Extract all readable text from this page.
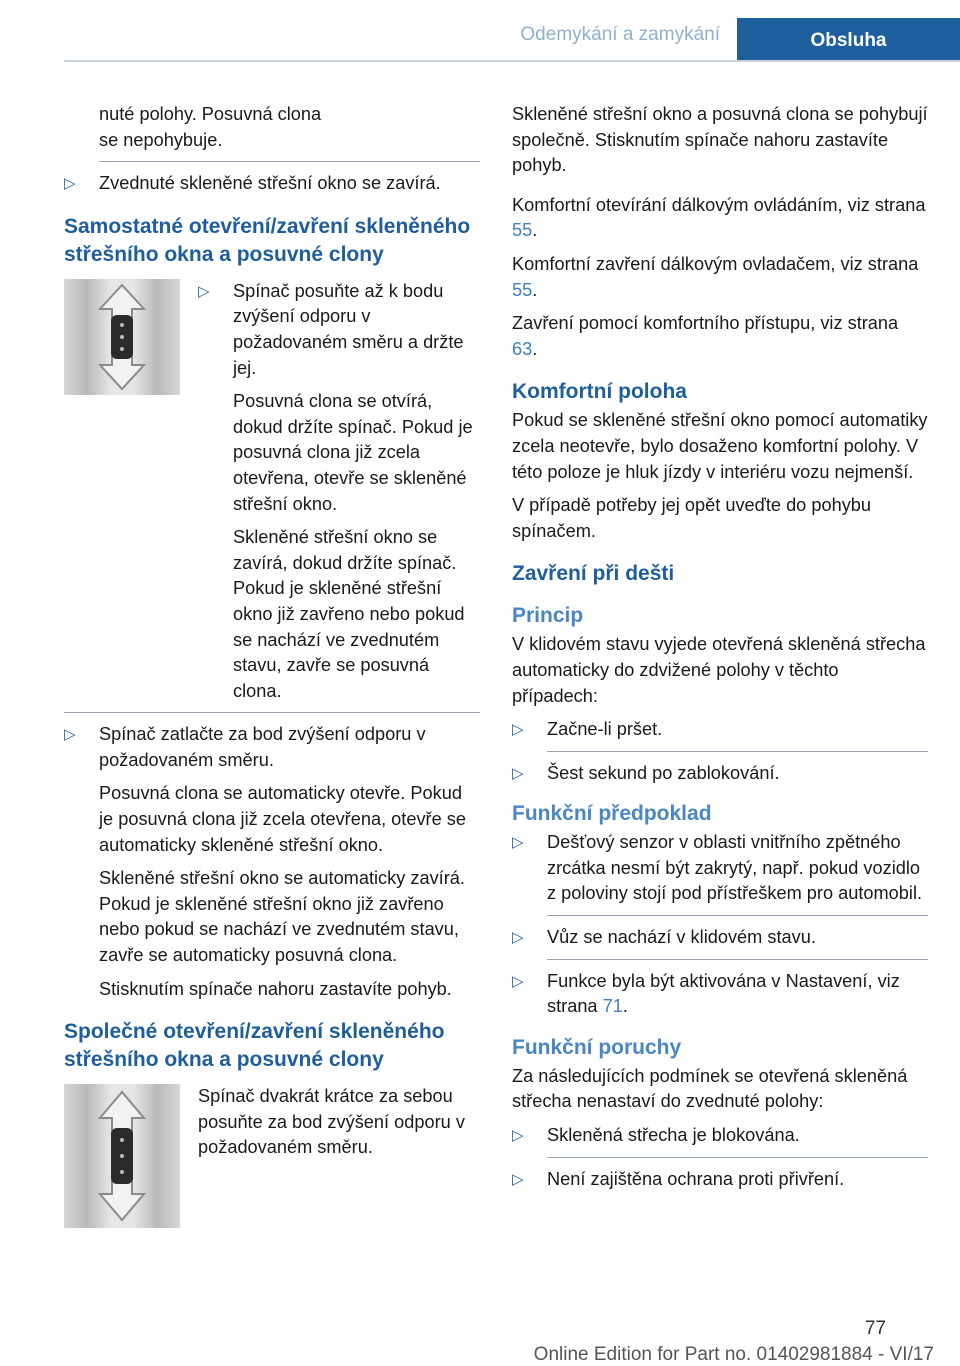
Odemykání a zamykání	Obsluha

nuté polohy. Posuvná clona
se nepohybuje.

▷ Zvednuté skleněné střešní okno se zavírá.

Samostatné otevření/zavření skleněného střešního okna a posuvné clony
▷ Spínač posuňte až k bodu zvýšení odporu v požadovaném směru a držte jej.

Posuvná clona se otvírá, dokud držíte spínač. Pokud je posuvná clona již zcela otevřena, otevře se skleněné střešní okno.

Skleněné střešní okno se zavírá, dokud držíte spínač. Pokud je skleněné střešní okno již zavřeno nebo pokud se nachází ve zvednutém stavu, zavře se posuvná clona.

▷ Spínač zatlačte za bod zvýšení odporu v požadovaném směru.

Posuvná clona se automaticky otevře. Pokud je posuvná clona již zcela otevřena, otevře se automaticky skleněné střešní okno.

Skleněné střešní okno se automaticky zavírá. Pokud je skleněné střešní okno již zavřeno nebo pokud se nachází ve zvednutém stavu, zavře se automaticky posuvná clona.

Stisknutím spínače nahoru zastavíte pohyb.

Společné otevření/zavření skleněného střešního okna a posuvné clony

Spínač dvakrát krátce za sebou posuňte za bod zvýšení odporu v požadovaném směru.

Skleněné střešní okno a posuvná clona se pohybují společně. Stisknutím spínače nahoru zastavíte pohyb.

Komfortní otevírání dálkovým ovládáním, viz strana 55.

Komfortní zavření dálkovým ovladačem, viz strana 55.

Zavření pomocí komfortního přístupu, viz strana 63.

Komfortní poloha

Pokud se skleněné střešní okno pomocí automatiky zcela neotevře, bylo dosaženo komfortní polohy. V této poloze je hluk jízdy v interiéru vozu nejmenší.

V případě potřeby jej opět uveďte do pohybu spínačem.

Zavření při dešti
Princip

V klidovém stavu vyjede otevřená skleněná střecha automaticky do zdvižené polohy v těchto případech:

▷ Začne-li pršet.

▷ Šest sekund po zablokování.

Funkční předpoklad
▷ Dešťový senzor v oblasti vnitřního zpětného zrcátka nesmí být zakrytý, např. pokud vozidlo z poloviny stojí pod přístřeškem pro automobil.

▷ Vůz se nachází v klidovém stavu.

▷ Funkce byla být aktivována v Nastavení, viz strana 71.

Funkční poruchy

Za následujících podmínek se otevřená skleněná střecha nenastaví do zvednuté polohy:

▷ Skleněná střecha je blokována.

▷ Není zajištěna ochrana proti přivření.

77
Online Edition for Part no. 01402981884 - VI/17
